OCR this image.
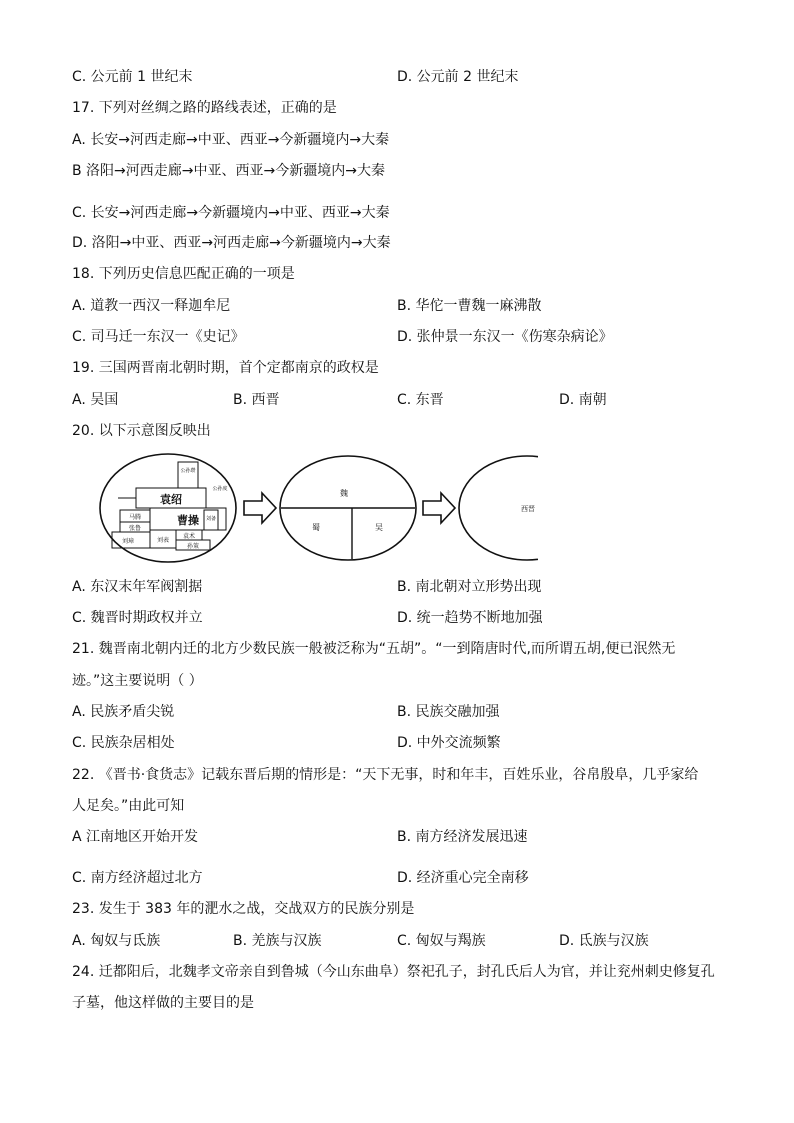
C. 公元前 1 世纪末	D. 公元前 2 世纪末
17. 下列对丝绸之路的路线表述，正确的是
A. 长安→河西走廊→中亚、西亚→今新疆境内→大秦
B 洛阳→河西走廊→中亚、西亚→今新疆境内→大秦
C. 长安→河西走廊→今新疆境内→中亚、西亚→大秦
D. 洛阳→中亚、西亚→河西走廊→今新疆境内→大秦
18. 下列历史信息匹配正确的一项是
A. 道教一西汉一释迦牟尼	B. 华佗一曹魏一麻沸散
C. 司马迁一东汉一《史记》	D. 张仲景一东汉一《伤寒杂病论》
19. 三国两晋南北朝时期，首个定都南京的政权是
A. 吴国	B. 西晋	C. 东晋	D. 南朝
20. 以下示意图反映出
袁绍
曹操
公孙瓒
公孙度
马腾
张鲁
刘璋	刘表
袁术
孙策
刘备
魏
蜀	吴
西晋
A. 东汉末年军阀割据	B. 南北朝对立形势出现
C. 魏晋时期政权并立	D. 统一趋势不断地加强
21. 魏晋南北朝内迁的北方少数民族一般被泛称为“五胡”。“一到隋唐时代,而所谓五胡,便已泯然无
迹。”这主要说明（ ）
A. 民族矛盾尖锐	B. 民族交融加强
C. 民族杂居相处	D. 中外交流频繁
22. 《晋书·食货志》记载东晋后期的情形是：“天下无事，时和年丰，百姓乐业，谷帛殷阜，几乎家给
人足矣。”由此可知
A 江南地区开始开发	B. 南方经济发展迅速
C. 南方经济超过北方	D. 经济重心完全南移
23. 发生于 383 年的淝水之战，交战双方的民族分别是
A. 匈奴与氐族	B. 羌族与汉族	C. 匈奴与羯族	D. 氐族与汉族
24. 迁都阳后，北魏孝文帝亲自到鲁城（今山东曲阜）祭祀孔子，封孔氏后人为官，并让兖州刺史修复孔
子墓，他这样做的主要目的是
